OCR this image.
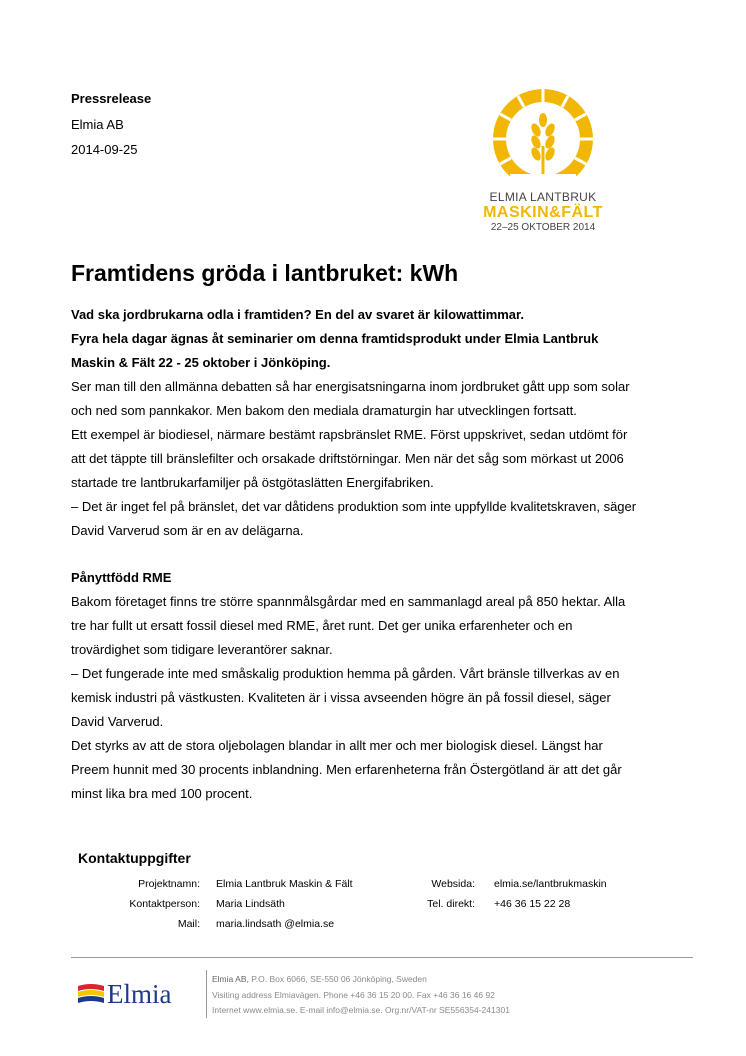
Pressrelease
Elmia AB
2014-09-25
ELMIA LANTBRUK
MASKIN&FÄLT
22–25 OKTOBER 2014
Framtidens gröda i lantbruket: kWh
Vad ska jordbrukarna odla i framtiden? En del av svaret är kilowattimmar.
Fyra hela dagar ägnas åt seminarier om denna framtidsprodukt under Elmia Lantbruk
Maskin & Fält 22 - 25 oktober i Jönköping.
Ser man till den allmänna debatten så har energisatsningarna inom jordbruket gått upp som solar
och ned som pannkakor. Men bakom den mediala dramaturgin har utvecklingen fortsatt.
Ett exempel är biodiesel, närmare bestämt rapsbränslet RME. Först uppskrivet, sedan utdömt för
att det täppte till bränslefilter och orsakade driftstörningar. Men när det såg som mörkast ut 2006
startade tre lantbrukarfamiljer på östgötaslätten Energifabriken.
– Det är inget fel på bränslet, det var dåtidens produktion som inte uppfyllde kvalitetskraven, säger
David Varverud som är en av delägarna.
Pånyttfödd RME
Bakom företaget finns tre större spannmålsgårdar med en sammanlagd areal på 850 hektar. Alla
tre har fullt ut ersatt fossil diesel med RME, året runt. Det ger unika erfarenheter och en
trovärdighet som tidigare leverantörer saknar.
– Det fungerade inte med småskalig produktion hemma på gården. Vårt bränsle tillverkas av en
kemisk industri på västkusten. Kvaliteten är i vissa avseenden högre än på fossil diesel, säger
David Varverud.
Det styrks av att de stora oljebolagen blandar in allt mer och mer biologisk diesel. Längst har
Preem hunnit med 30 procents inblandning. Men erfarenheterna från Östergötland är att det går
minst lika bra med 100 procent.
Kontaktuppgifter
Projektnamn: Elmia Lantbruk Maskin & Fält	Websida: elmia.se/lantbrukmaskin
Kontaktperson: Maria Lindsäth	Tel. direkt: +46 36 15 22 28
Mail: maria.lindsath @elmia.se
Elmia	Elmia AB, P.O. Box 6066, SE-550 06 Jönköping, Sweden
Visiting address Elmiavägen. Phone +46 36 15 20 00. Fax +46 36 16 46 92
Internet www.elmia.se. E-mail info@elmia.se. Org.nr/VAT-nr SE556354-241301
